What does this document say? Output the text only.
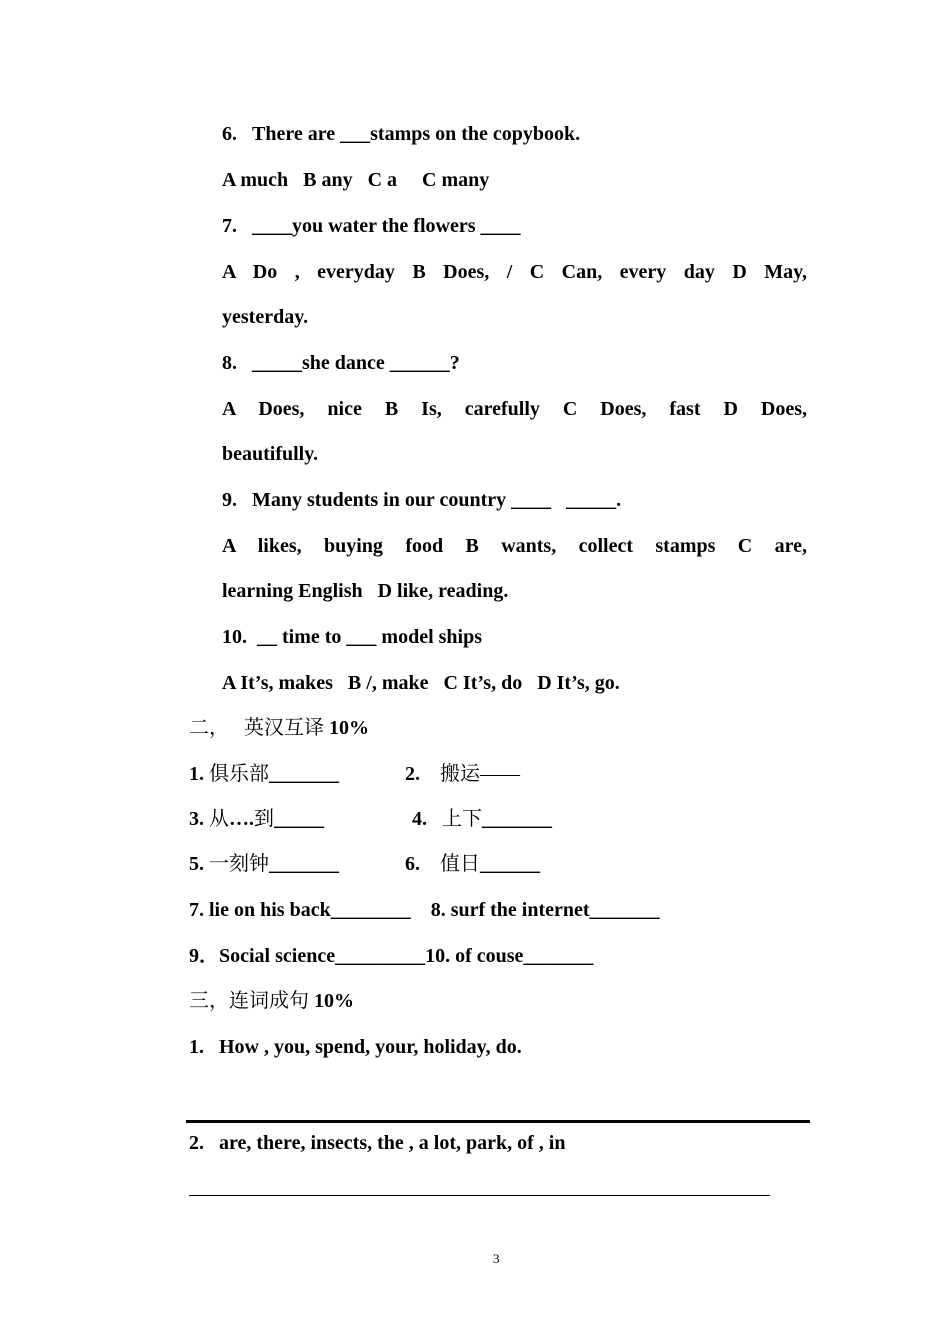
6.   There are ___stamps on the copybook.
A much   B any   C a     C many
7.   ____you water the flowers ____
A Do , everyday B Does, / C Can, every day D May,
yesterday.
8.   _____she dance ______?
A Does, nice B Is, carefully C Does, fast D Does,
beautifully.
9.   Many students in our country ____   _____.
A likes, buying food B wants, collect stamps C are,
learning English   D like, reading.
10.  __ time to ___ model ships
A It’s, makes   B /, make   C It’s, do   D It’s, go.
二，   英汉互译 10%
1. 俱乐部_______	2. 搬运——
3. 从….到_____	4. 上下_______
5. 一刻钟_______	6. 值日______
7. lie on his back________    8. surf the internet_______
9．Social science_________10. of couse_______
三，连词成句 10%
1.   How , you, spend, your, holiday, do.
2.   are, there, insects, the , a lot, park, of , in
3
